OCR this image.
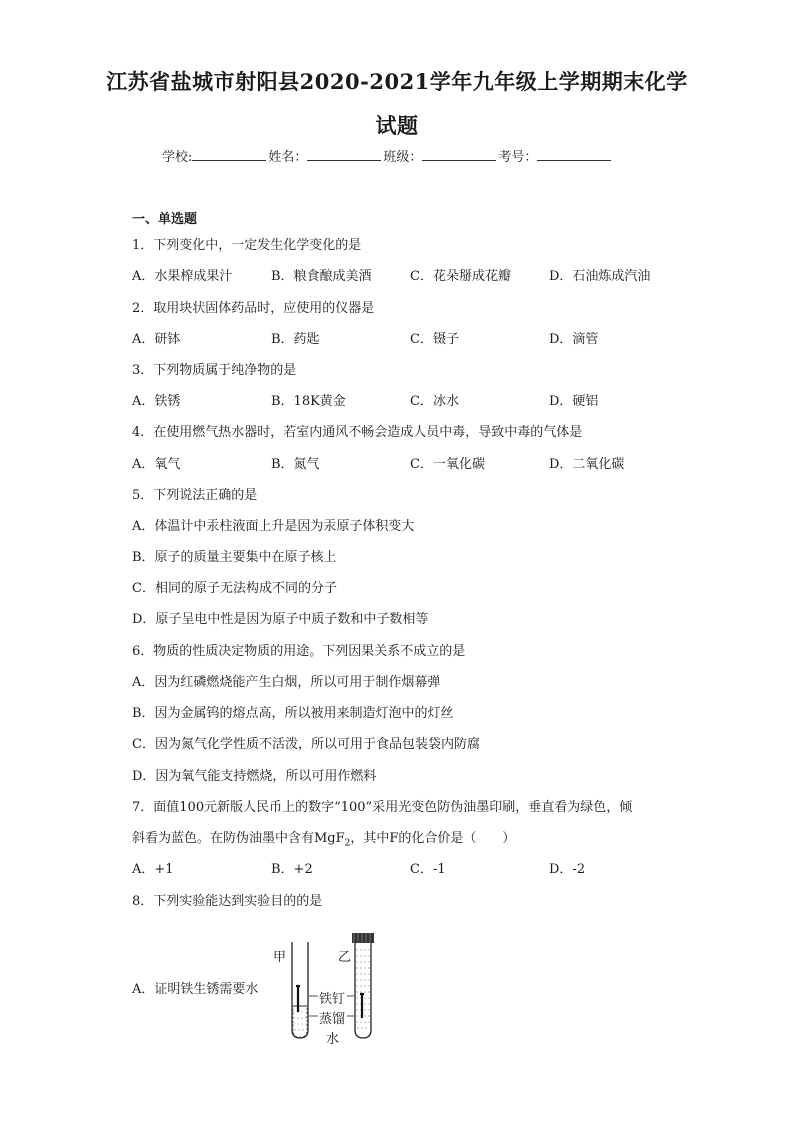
江苏省盐城市射阳县2020-2021学年九年级上学期期末化学
试题
学校:	姓名：	班级：	考号：
一、单选题
1．下列变化中，一定发生化学变化的是
A．水果榨成果汁	B．粮食酿成美酒	C．花朵掰成花瓣	D．石油炼成汽油
2．取用块状固体药品时，应使用的仪器是
A．研钵	B．药匙	C．镊子	D．滴管
3．下列物质属于纯净物的是
A．铁锈	B．18K黄金	C．冰水	D．硬铝
4．在使用燃气热水器时，若室内通风不畅会造成人员中毒，导致中毒的气体是
A．氧气	B．氮气	C．一氧化碳	D．二氧化碳
5．下列说法正确的是
A．体温计中汞柱液面上升是因为汞原子体积变大
B．原子的质量主要集中在原子核上
C．相同的原子无法构成不同的分子
D．原子呈电中性是因为原子中质子数和中子数相等
6．物质的性质决定物质的用途。下列因果关系不成立的是
A．因为红磷燃烧能产生白烟，所以可用于制作烟幕弹
B．因为金属钨的熔点高，所以被用来制造灯泡中的灯丝
C．因为氮气化学性质不活泼，所以可用于食品包装袋内防腐
D．因为氧气能支持燃烧，所以可用作燃料
7．面值100元新版人民币上的数字“100”采用光变色防伪油墨印刷，垂直看为绿色，倾
斜看为蓝色。在防伪油墨中含有MgF$_2$，其中F的化合价是（　　）
A．+1	B．+2	C．-1	D．-2
8．下列实验能达到实验目的的是
A．证明铁生锈需要水
甲	乙
铁钉
蒸馏
水
